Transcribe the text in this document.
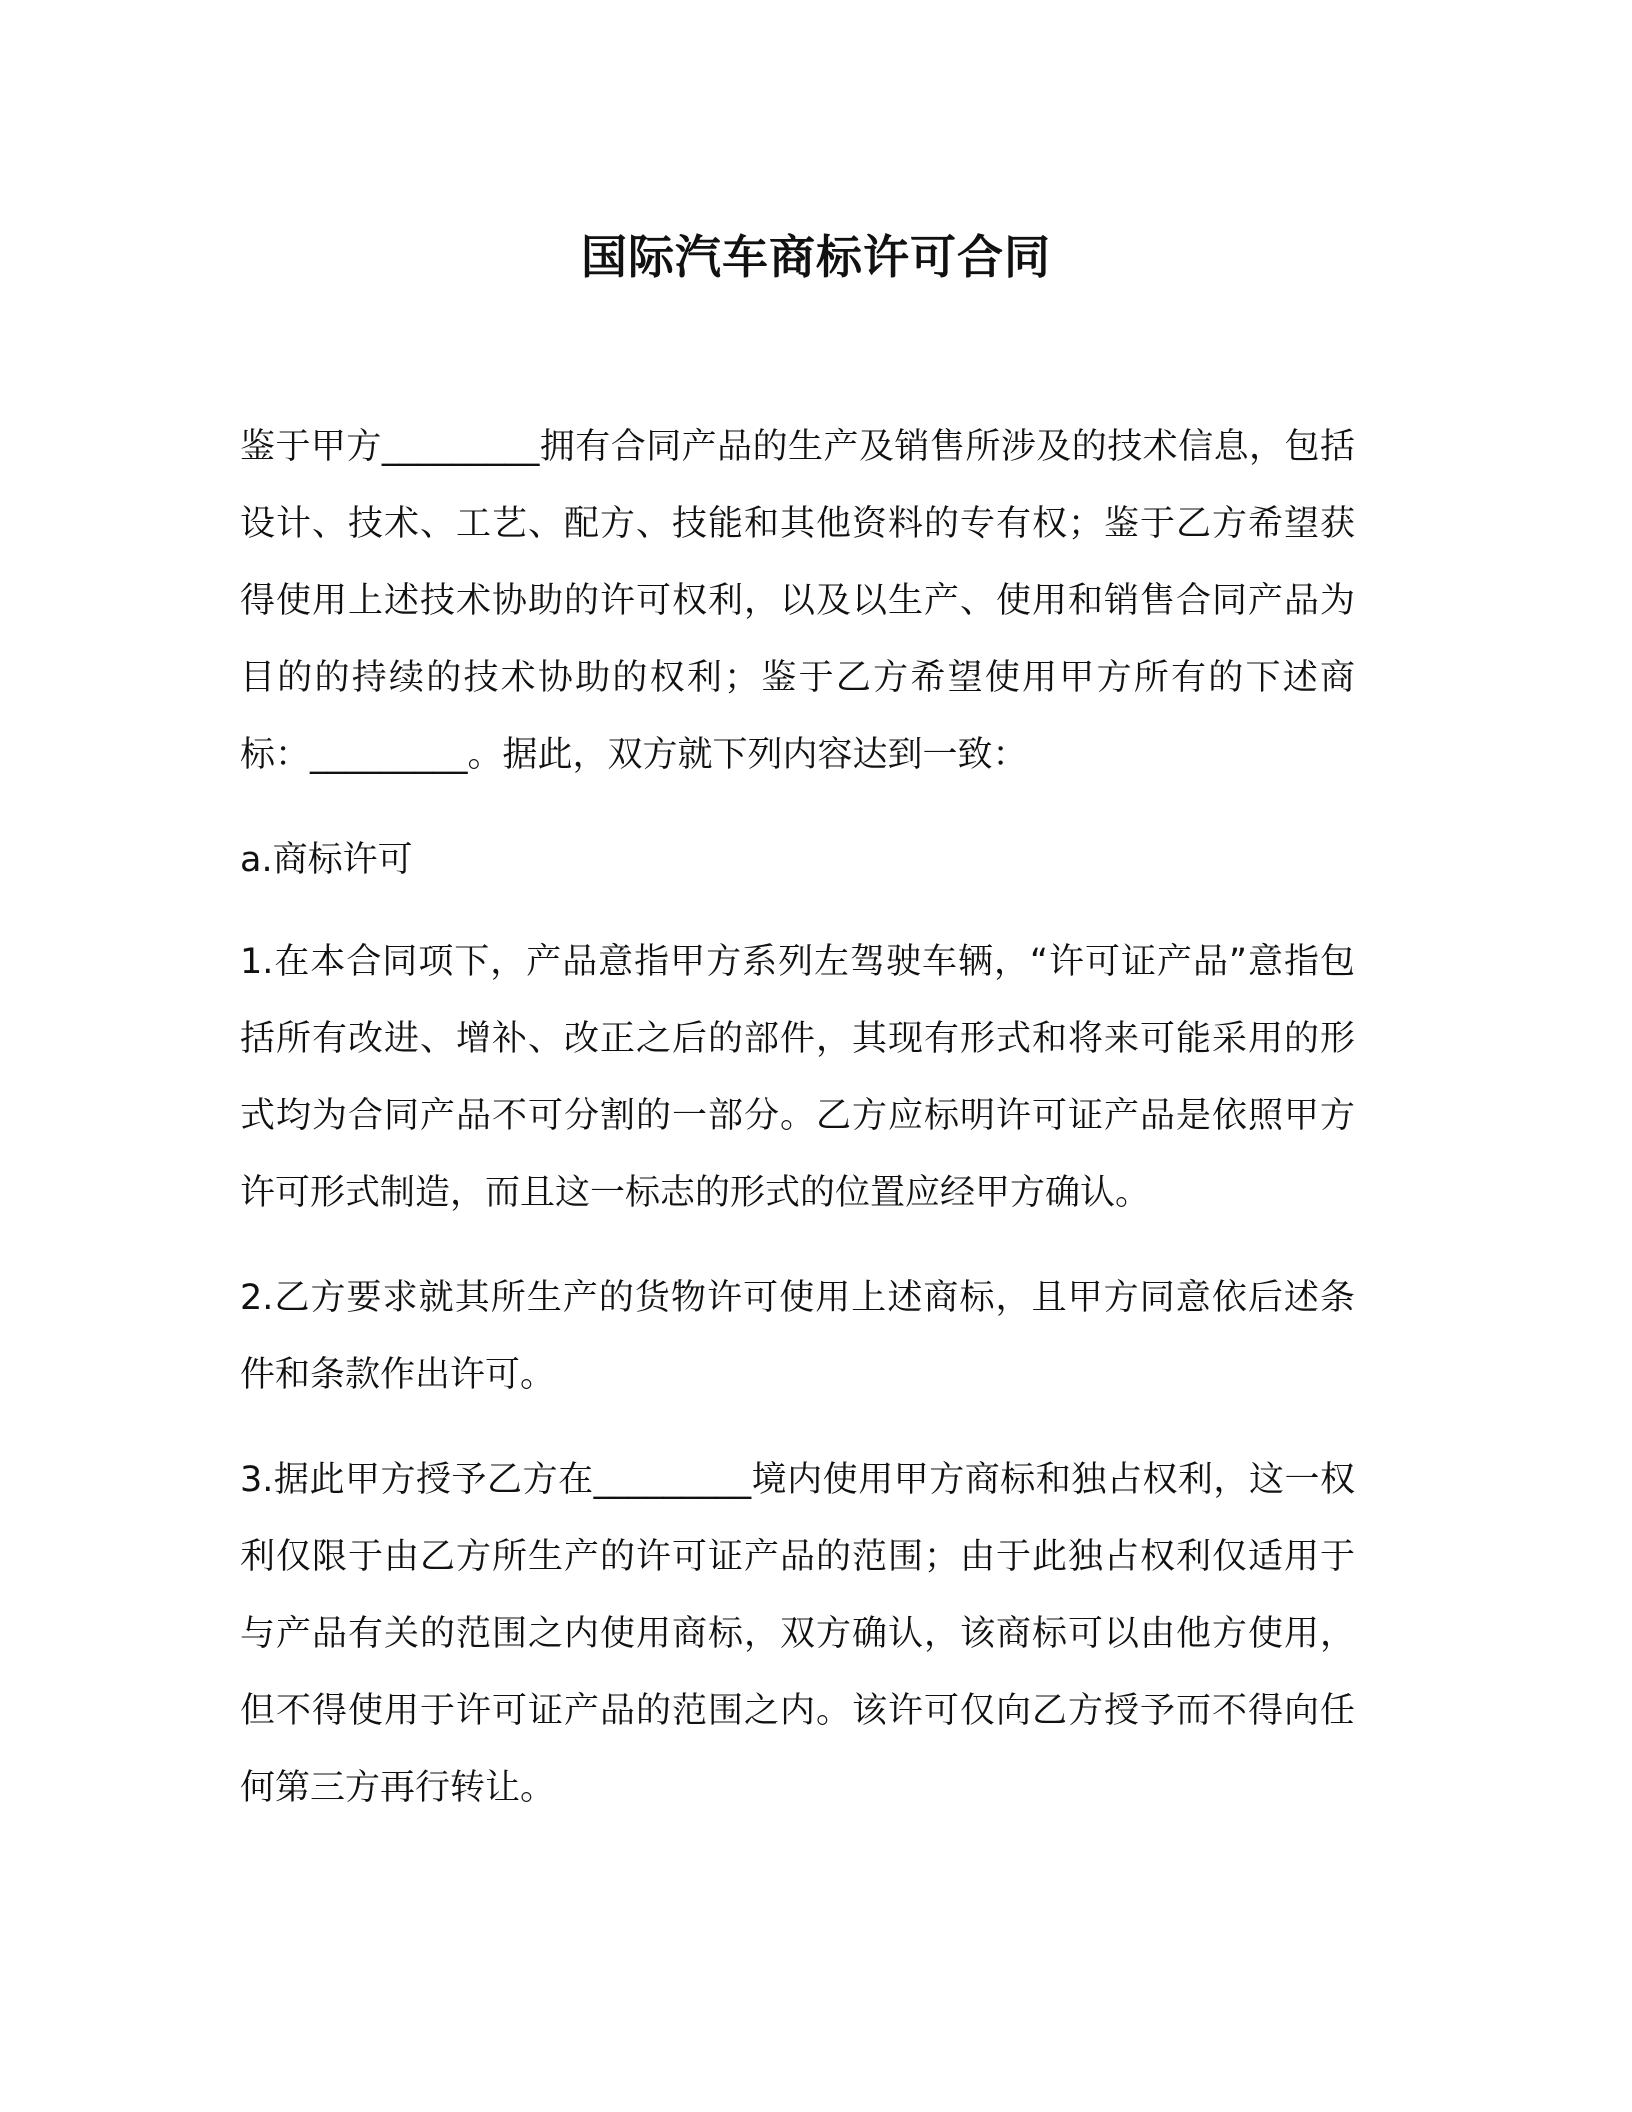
国际汽车商标许可合同

鉴于甲方_________拥有合同产品的生产及销售所涉及的技术信息，包括设计、技术、工艺、配方、技能和其他资料的专有权；鉴于乙方希望获得使用上述技术协助的许可权利，以及以生产、使用和销售合同产品为目的的持续的技术协助的权利；鉴于乙方希望使用甲方所有的下述商标：_________。据此，双方就下列内容达到一致：

a.商标许可

1.在本合同项下，产品意指甲方系列左驾驶车辆，“许可证产品”意指包括所有改进、增补、改正之后的部件，其现有形式和将来可能采用的形式均为合同产品不可分割的一部分。乙方应标明许可证产品是依照甲方许可形式制造，而且这一标志的形式的位置应经甲方确认。

2.乙方要求就其所生产的货物许可使用上述商标，且甲方同意依后述条件和条款作出许可。

3.据此甲方授予乙方在_________境内使用甲方商标和独占权利，这一权利仅限于由乙方所生产的许可证产品的范围；由于此独占权利仅适用于与产品有关的范围之内使用商标，双方确认，该商标可以由他方使用，但不得使用于许可证产品的范围之内。该许可仅向乙方授予而不得向任何第三方再行转让。
